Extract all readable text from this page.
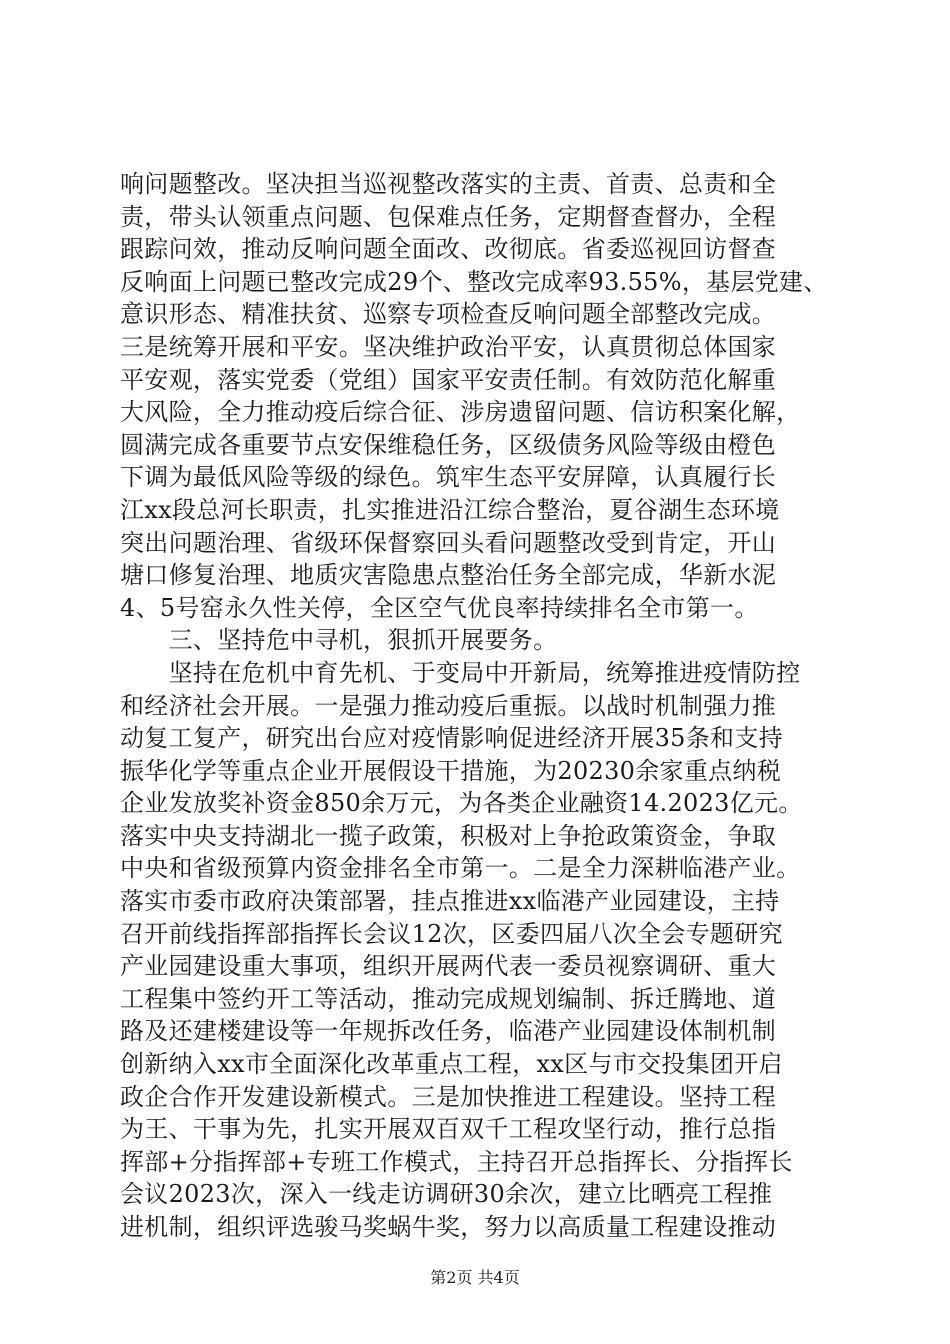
响问题整改。坚决担当巡视整改落实的主责、首责、总责和全
责，带头认领重点问题、包保难点任务，定期督查督办，全程
跟踪问效，推动反响问题全面改、改彻底。省委巡视回访督查
反响面上问题已整改完成29个、整改完成率93.55%，基层党建、
意识形态、精准扶贫、巡察专项检查反响问题全部整改完成。
三是统筹开展和平安。坚决维护政治平安，认真贯彻总体国家
平安观，落实党委（党组）国家平安责任制。有效防范化解重
大风险，全力推动疫后综合征、涉房遗留问题、信访积案化解，
圆满完成各重要节点安保维稳任务，区级债务风险等级由橙色
下调为最低风险等级的绿色。筑牢生态平安屏障，认真履行长
江xx段总河长职责，扎实推进沿江综合整治，夏谷湖生态环境
突出问题治理、省级环保督察回头看问题整改受到肯定，开山
塘口修复治理、地质灾害隐患点整治任务全部完成，华新水泥
4、5号窑永久性关停，全区空气优良率持续排名全市第一。
　　三、坚持危中寻机，狠抓开展要务。
　　坚持在危机中育先机、于变局中开新局，统筹推进疫情防控
和经济社会开展。一是强力推动疫后重振。以战时机制强力推
动复工复产，研究出台应对疫情影响促进经济开展35条和支持
振华化学等重点企业开展假设干措施，为20230余家重点纳税
企业发放奖补资金850余万元，为各类企业融资14.2023亿元。
落实中央支持湖北一揽子政策，积极对上争抢政策资金，争取
中央和省级预算内资金排名全市第一。二是全力深耕临港产业。
落实市委市政府决策部署，挂点推进xx临港产业园建设，主持
召开前线指挥部指挥长会议12次，区委四届八次全会专题研究
产业园建设重大事项，组织开展两代表一委员视察调研、重大
工程集中签约开工等活动，推动完成规划编制、拆迁腾地、道
路及还建楼建设等一年规拆改任务，临港产业园建设体制机制
创新纳入xx市全面深化改革重点工程，xx区与市交投集团开启
政企合作开发建设新模式。三是加快推进工程建设。坚持工程
为王、干事为先，扎实开展双百双千工程攻坚行动，推行总指
挥部+分指挥部+专班工作模式，主持召开总指挥长、分指挥长
会议2023次，深入一线走访调研30余次，建立比晒亮工程推
进机制，组织评选骏马奖蜗牛奖，努力以高质量工程建设推动
第2页 共4页
